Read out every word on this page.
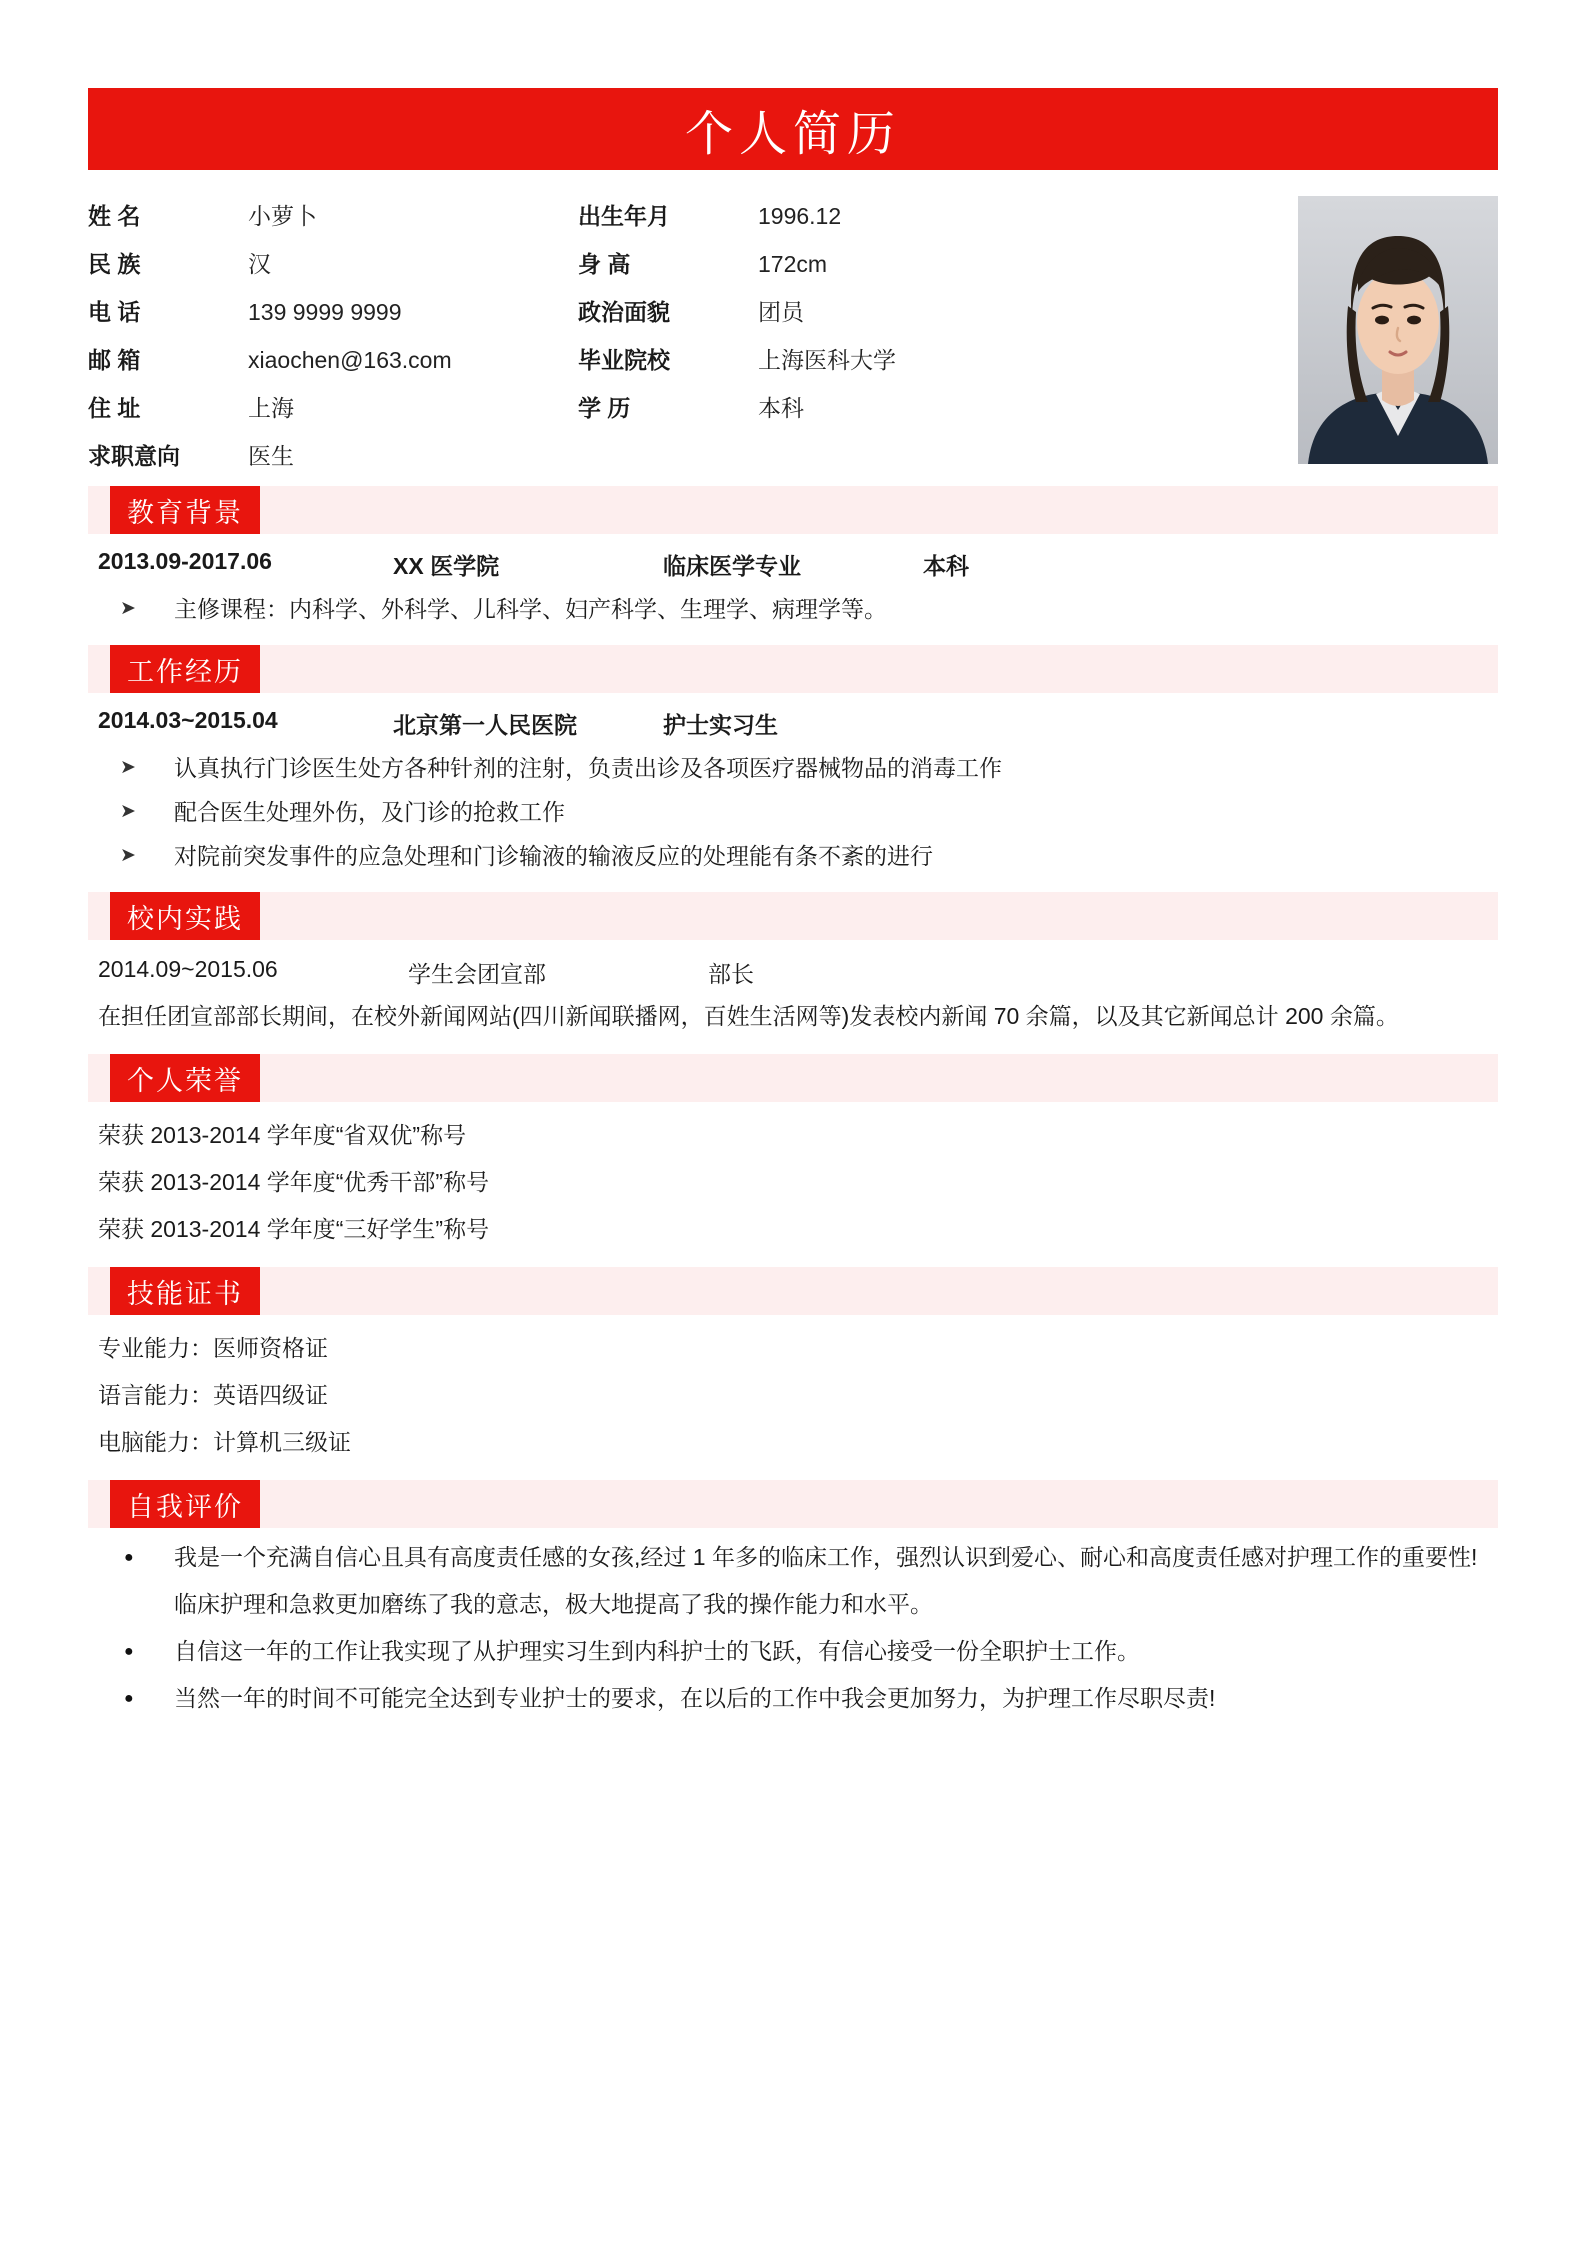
个人简历
姓 名	小萝卜	出生年月	1996.12
民 族	汉	身 高	172cm
电 话	139 9999 9999	政治面貌	团员
邮 箱	xiaochen@163.com	毕业院校	上海医科大学
住 址	上海	学 历	本科
求职意向	医生
教育背景
2013.09-2017.06	XX 医学院	临床医学专业	本科
➤ 主修课程：内科学、外科学、儿科学、妇产科学、生理学、病理学等。
工作经历
2014.03~2015.04	北京第一人民医院	护士实习生
➤ 认真执行门诊医生处方各种针剂的注射，负责出诊及各项医疗器械物品的消毒工作
➤ 配合医生处理外伤，及门诊的抢救工作
➤ 对院前突发事件的应急处理和门诊输液的输液反应的处理能有条不紊的进行
校内实践
2014.09~2015.06	学生会团宣部	部长

在担任团宣部部长期间，在校外新闻网站(四川新闻联播网，百姓生活网等)发表校内新闻 70 余篇，以及其它新闻总计 200 余篇。

个人荣誉
荣获 2013-2014 学年度“省双优”称号
荣获 2013-2014 学年度“优秀干部”称号
荣获 2013-2014 学年度“三好学生”称号
技能证书
专业能力：医师资格证
语言能力：英语四级证
电脑能力：计算机三级证
自我评价
● 我是一个充满自信心且具有高度责任感的女孩,经过 1 年多的临床工作，强烈认识到爱心、耐心和高度责任感对护理工作的重要性!临床护理和急救更加磨练了我的意志，极大地提高了我的操作能力和水平。
● 自信这一年的工作让我实现了从护理实习生到内科护士的飞跃，有信心接受一份全职护士工作。
● 当然一年的时间不可能完全达到专业护士的要求，在以后的工作中我会更加努力，为护理工作尽职尽责!
